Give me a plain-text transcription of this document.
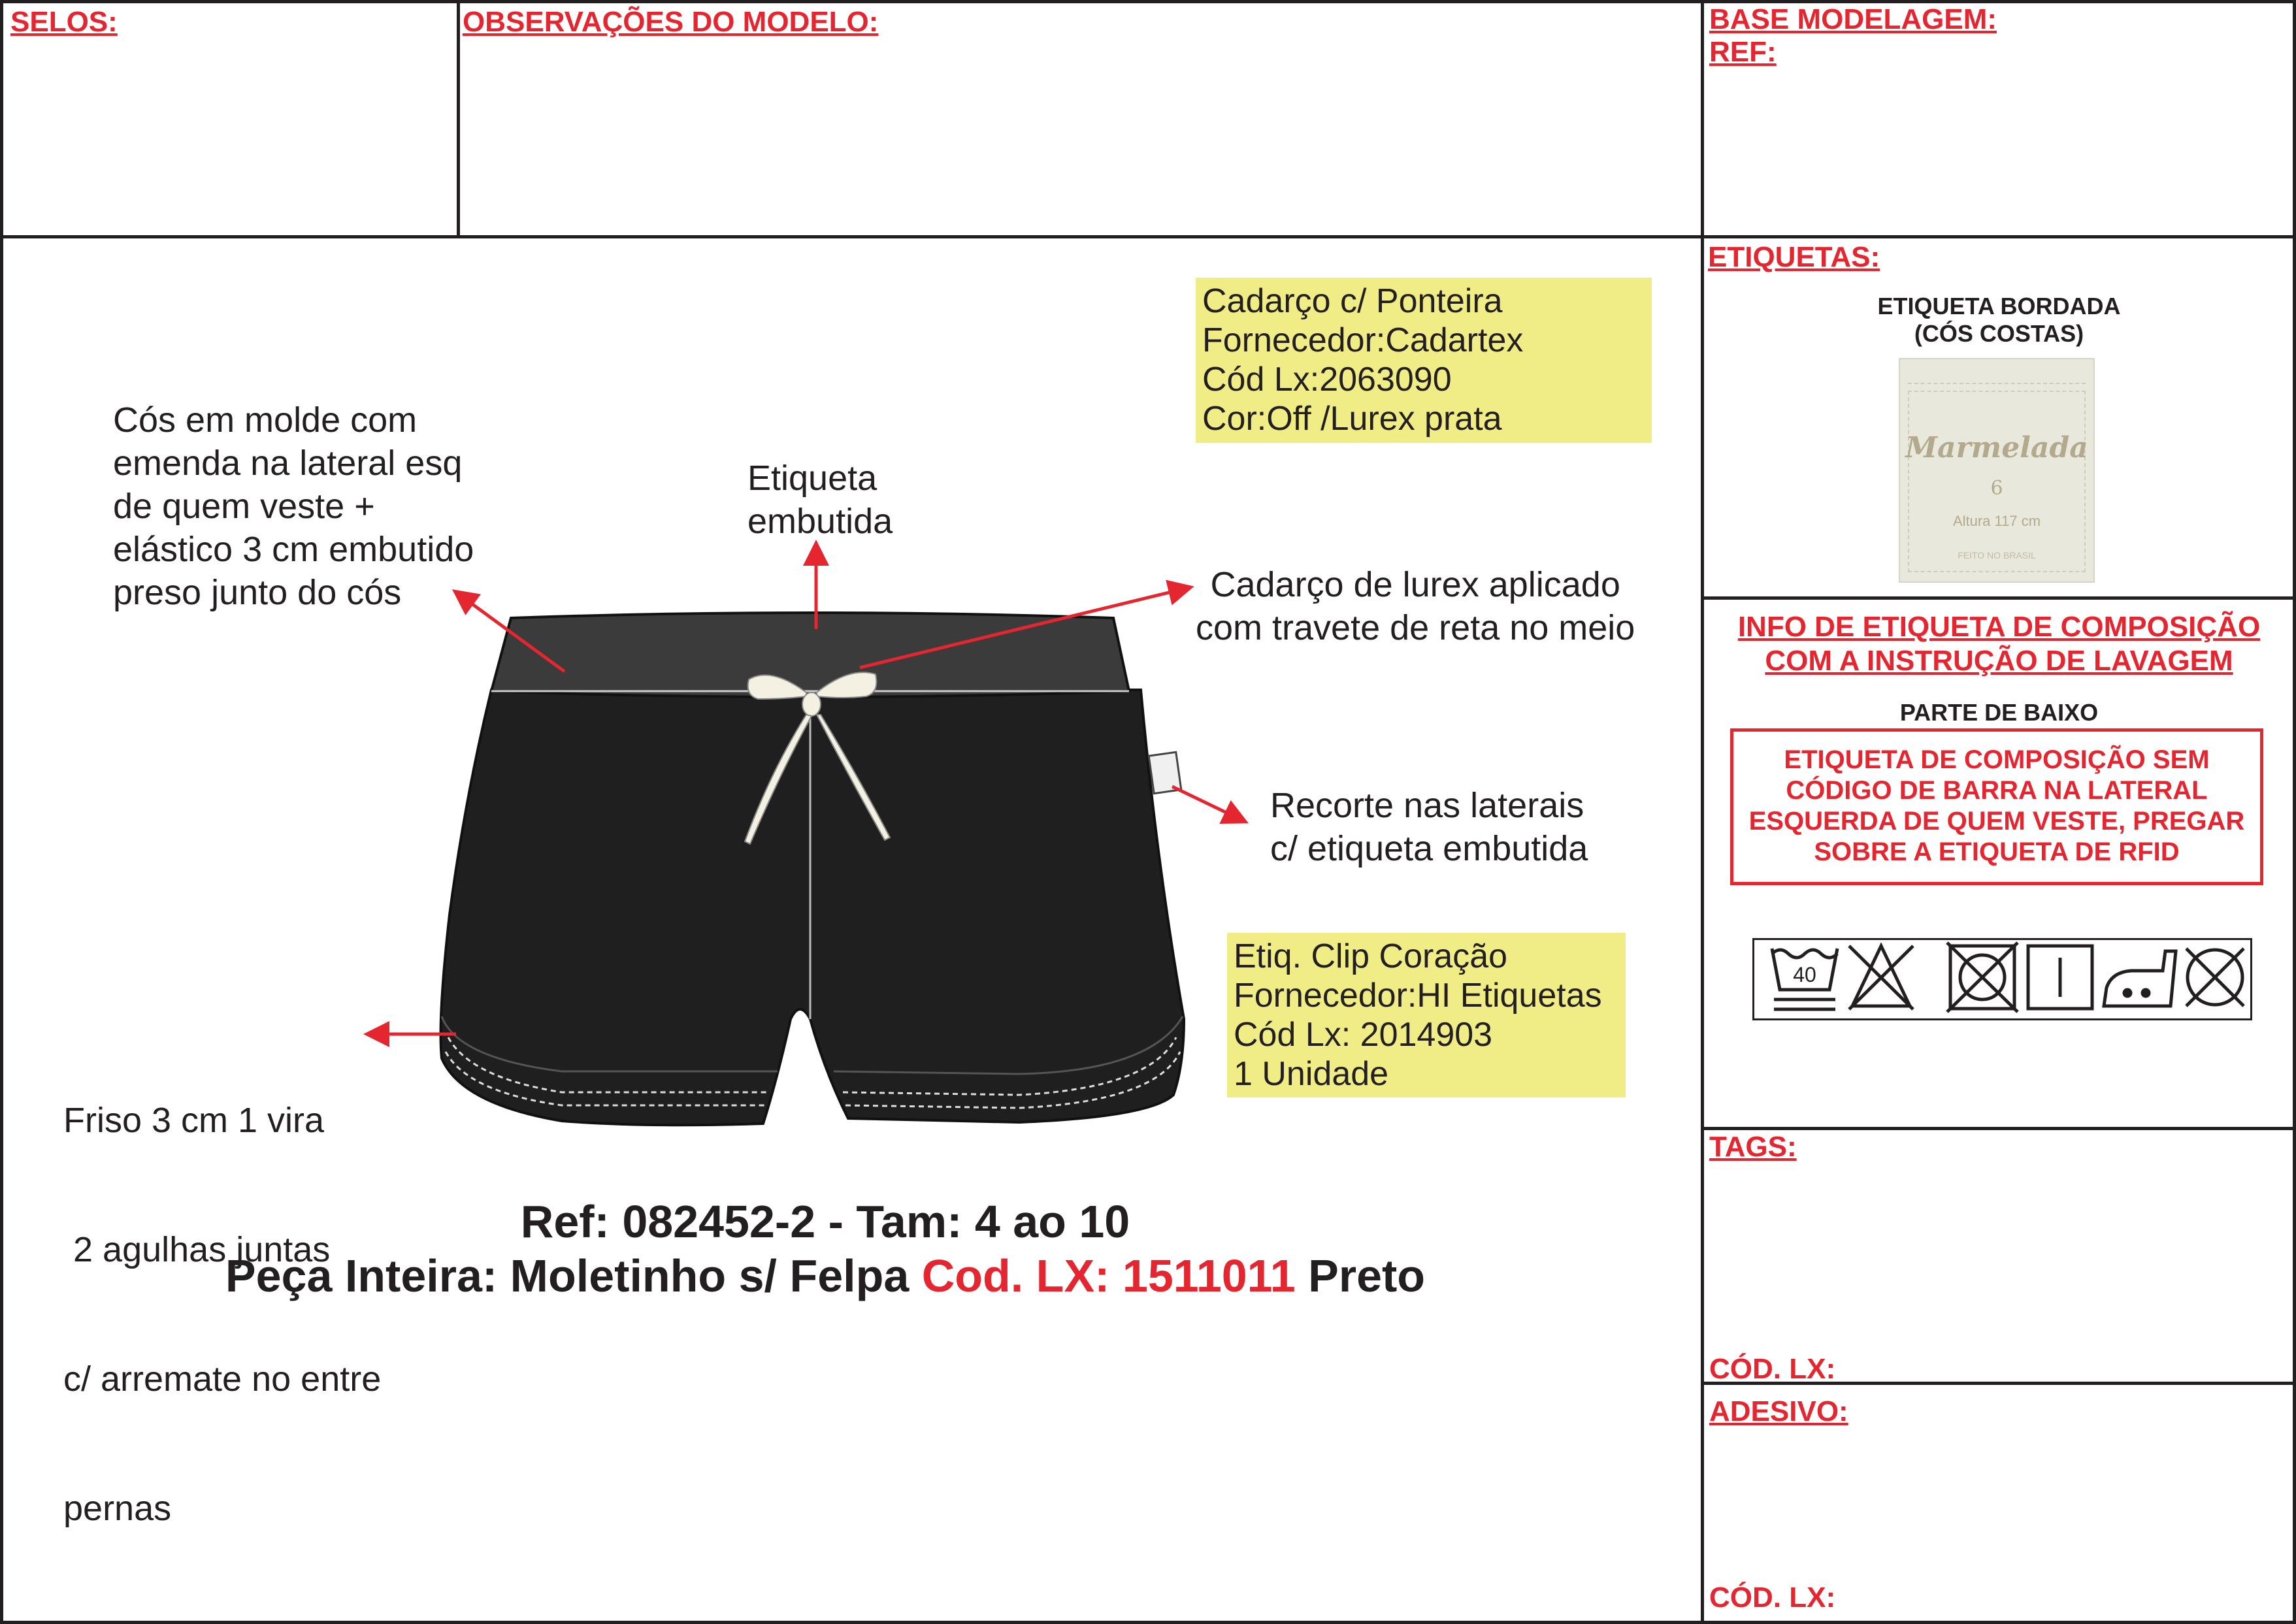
SELOS:	OBSERVAÇÕES DO MODELO:	BASE MODELAGEM:
REF:
ETIQUETAS:
INFO DE ETIQUETA DE COMPOSIÇÃO
COM A INSTRUÇÃO DE LAVAGEM
TAGS:
CÓD. LX:
ADESIVO:
CÓD. LX:
ETIQUETA BORDADA
(CÓS COSTAS)
Marmelada
6
Altura 117 cm
FEITO NO BRASIL
PARTE DE BAIXO
ETIQUETA DE COMPOSIÇÃO SEM
CÓDIGO DE BARRA NA LATERAL
ESQUERDA DE QUEM VESTE, PREGAR
SOBRE A ETIQUETA DE RFID
40
Cadarço c/ Ponteira
Fornecedor:Cadartex
Cód Lx:2063090
Cor:Off /Lurex prata
Etiq. Clip Coração
Fornecedor:HI Etiquetas
Cód Lx: 2014903
1 Unidade
Cós em molde com
emenda na lateral esq
de quem veste +
elástico 3 cm embutido
preso junto do cós
Etiqueta
embutida
Cadarço de lurex aplicado
com travete de reta no meio
Recorte nas laterais
c/ etiqueta embutida

Friso 3 cm 1 vira

2 agulhas juntas

c/ arremate no entre

pernas

Ref: 082452-2 - Tam: 4 ao 10
Peça Inteira: Moletinho s/ Felpa Cod. LX: 1511011 Preto
